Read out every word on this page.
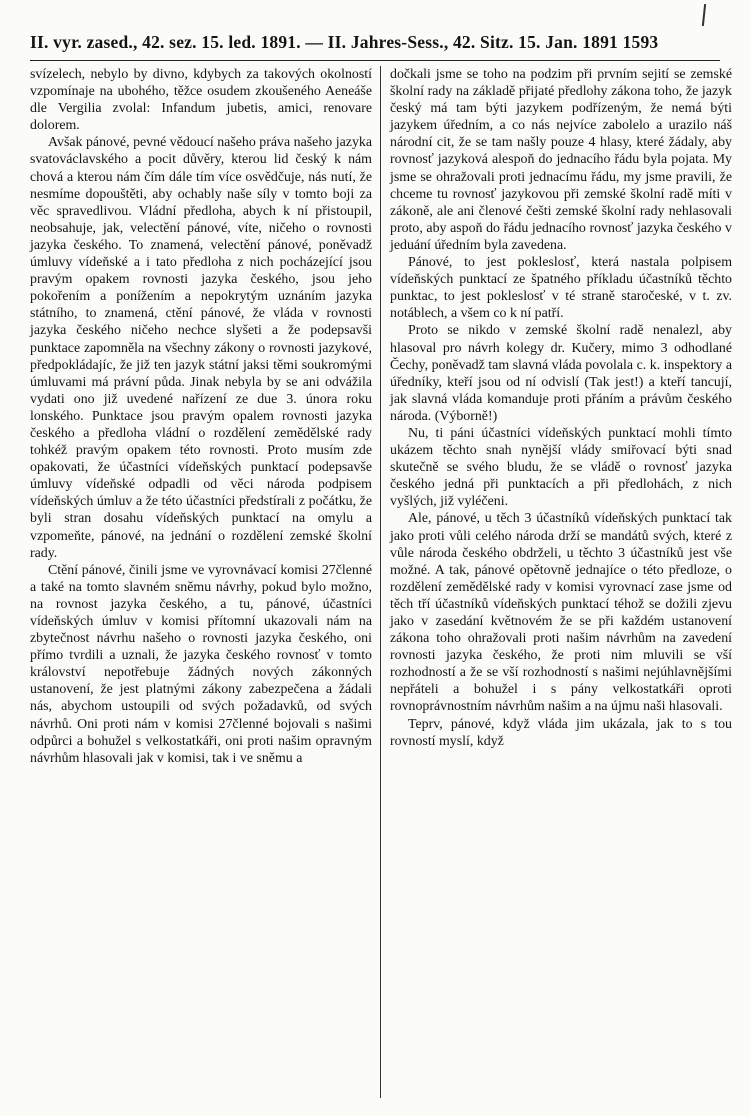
II. vyr. zased., 42. sez. 15. led. 1891. — II. Jahres-Sess., 42. Sitz. 15. Jan. 1891 1593

svízelech, nebylo by divno, kdybych za takových okolností vzpomínaje na ubohého, těžce osudem zkoušeného Aeneáše dle Vergilia zvolal: Infandum jubetis, amici, renovare dolorem.

Avšak pánové, pevné vědoucí našeho práva našeho jazyka svatováclavského a pocit důvěry, kterou lid český k nám chová a kterou nám čím dále tím více osvědčuje, nás nutí, že nesmíme dopouštěti, aby ochably naše síly v tomto boji za věc spravedlivou. Vládní předloha, abych k ní přistoupil, neobsahuje, jak, velectění pánové, víte, ničeho o rovnosti jazyka českého. To znamená, velectění pánové, poněvadž úmluvy vídeňské a i tato předloha z nich pocházející jsou pravým opakem rovnosti jazyka českého, jsou jeho pokořením a ponížením a nepokrytým uznáním jazyka státního, to znamená, ctění pánové, že vláda v rovnosti jazyka českého ničeho nechce slyšeti a že podepsavši punktace zapomněla na všechny zákony o rovnosti jazykové, předpokládajíc, že již ten jazyk státní jaksi těmi soukromými úmluvami má právní půda. Jinak nebyla by se ani odvážila vydati ono již uvedené nařízení ze due 3. února roku lonského. Punktace jsou pravým opalem rovnosti jazyka českého a předloha vládní o rozdělení zemědělské rady tohkéž pravým opakem této rovnosti. Proto musím zde opakovati, že účastníci vídeňských punktací podepsavše úmluvy vídeňské odpadli od věci národa podpisem vídeňských úmluv a že této účastníci předstírali z počátku, že byli stran dosahu vídeňských punktací na omylu a vzpomeňte, pánové, na jednání o rozdělení zemské školní rady.

Ctění pánové, činili jsme ve vyrovnávací komisi 27členné a také na tomto slavném sněmu návrhy, pokud bylo možno, na rovnost jazyka českého, a tu, pánové, účastníci vídeňských úmluv v komisi přítomní ukazovali nám na zbytečnost návrhu našeho o rovnosti jazyka českého, oni přímo tvrdili a uznali, že jazyka českého rovnosť v tomto království nepotřebuje žádných nových zákonných ustanovení, že jest platnými zákony zabezpečena a žádali nás, abychom ustoupili od svých požadavků, od svých návrhů. Oni proti nám v komisi 27členné bojovali s našimi odpůrci a bohužel s velkostatkáři, oni proti našim opravným návrhům hlasovali jak v komisi, tak i ve sněmu a

dočkali jsme se toho na podzim při prvním sejití se zemské školní rady na základě přijaté předlohy zákona toho, že jazyk český má tam býti jazykem podřízeným, že nemá býti jazykem úředním, a co nás nejvíce zabolelo a urazilo náš národní cit, že se tam našly pouze 4 hlasy, které žádaly, aby rovnosť jazyková alespoň do jednacího řádu byla pojata. My jsme se ohražovali proti jednacímu řádu, my jsme pravili, že chceme tu rovnosť jazykovou při zemské školní radě míti v zákoně, ale ani členové češti zemské školní rady nehlasovali proto, aby aspoň do řádu jednacího rovnosť jazyka českého v jeduání úředním byla zavedena.

Pánové, to jest pokleslosť, která nastala po‌lpisem vídeňských punktací ze špatného příkladu účastníků těchto punktac, to jest pokleslosť v té straně staročeské, v t. zv. notáblech, a všem co k ní patří.

Proto se nikdo v zemské školní radě nenalezl, aby hlasoval pro návrh kolegy dr. Kučery, mimo 3 odhodlané Čechy, poněvadž tam slavná vláda povolala c. k. inspektory a úředníky, kteří jsou od ní odvislí (Tak jest!) a kteří tancují, jak slavná vláda komanduje proti přáním a právům českého národa. (Výborně!)

Nu, ti páni účastníci vídeňských punktací mohli tímto ukázem těchto snah nynější vlády smiřovací býti snad skutečně se svého bludu, že se vládě o rovnosť jazyka českého jedná při punktacích a při předlohách, z nich vyšlých, již vyléčeni.

Ale, pánové, u těch 3 účastníků vídeňských punktací tak jako proti vůli celého národa drží se mandátů svých, které z vůle národa českého obdrželi, u těchto 3 účastníků jest vše možné. A tak, pánové opětovně jednajíce o této předloze, o rozdělení zemědělské rady v komisi vyrovnací zase jsme od těch tří účastníků vídeňských punktací téhož se dožili zjevu jako v zasedání květnovém že se při každém ustanovení zákona toho ohražovali proti našim návrhům na zavedení rovnosti jazyka českého, že proti nim mluvili se vší rozhodností a že se vší rozhodností s našimi nejúhlavnějšími nepřáteli a bohužel i s pány velkostatkáři oproti rovnoprávnostním návrhům našim a na újmu naši hlasovali.

Teprv, pánové, když vláda jim ukázala, jak to s tou rovností myslí, když
